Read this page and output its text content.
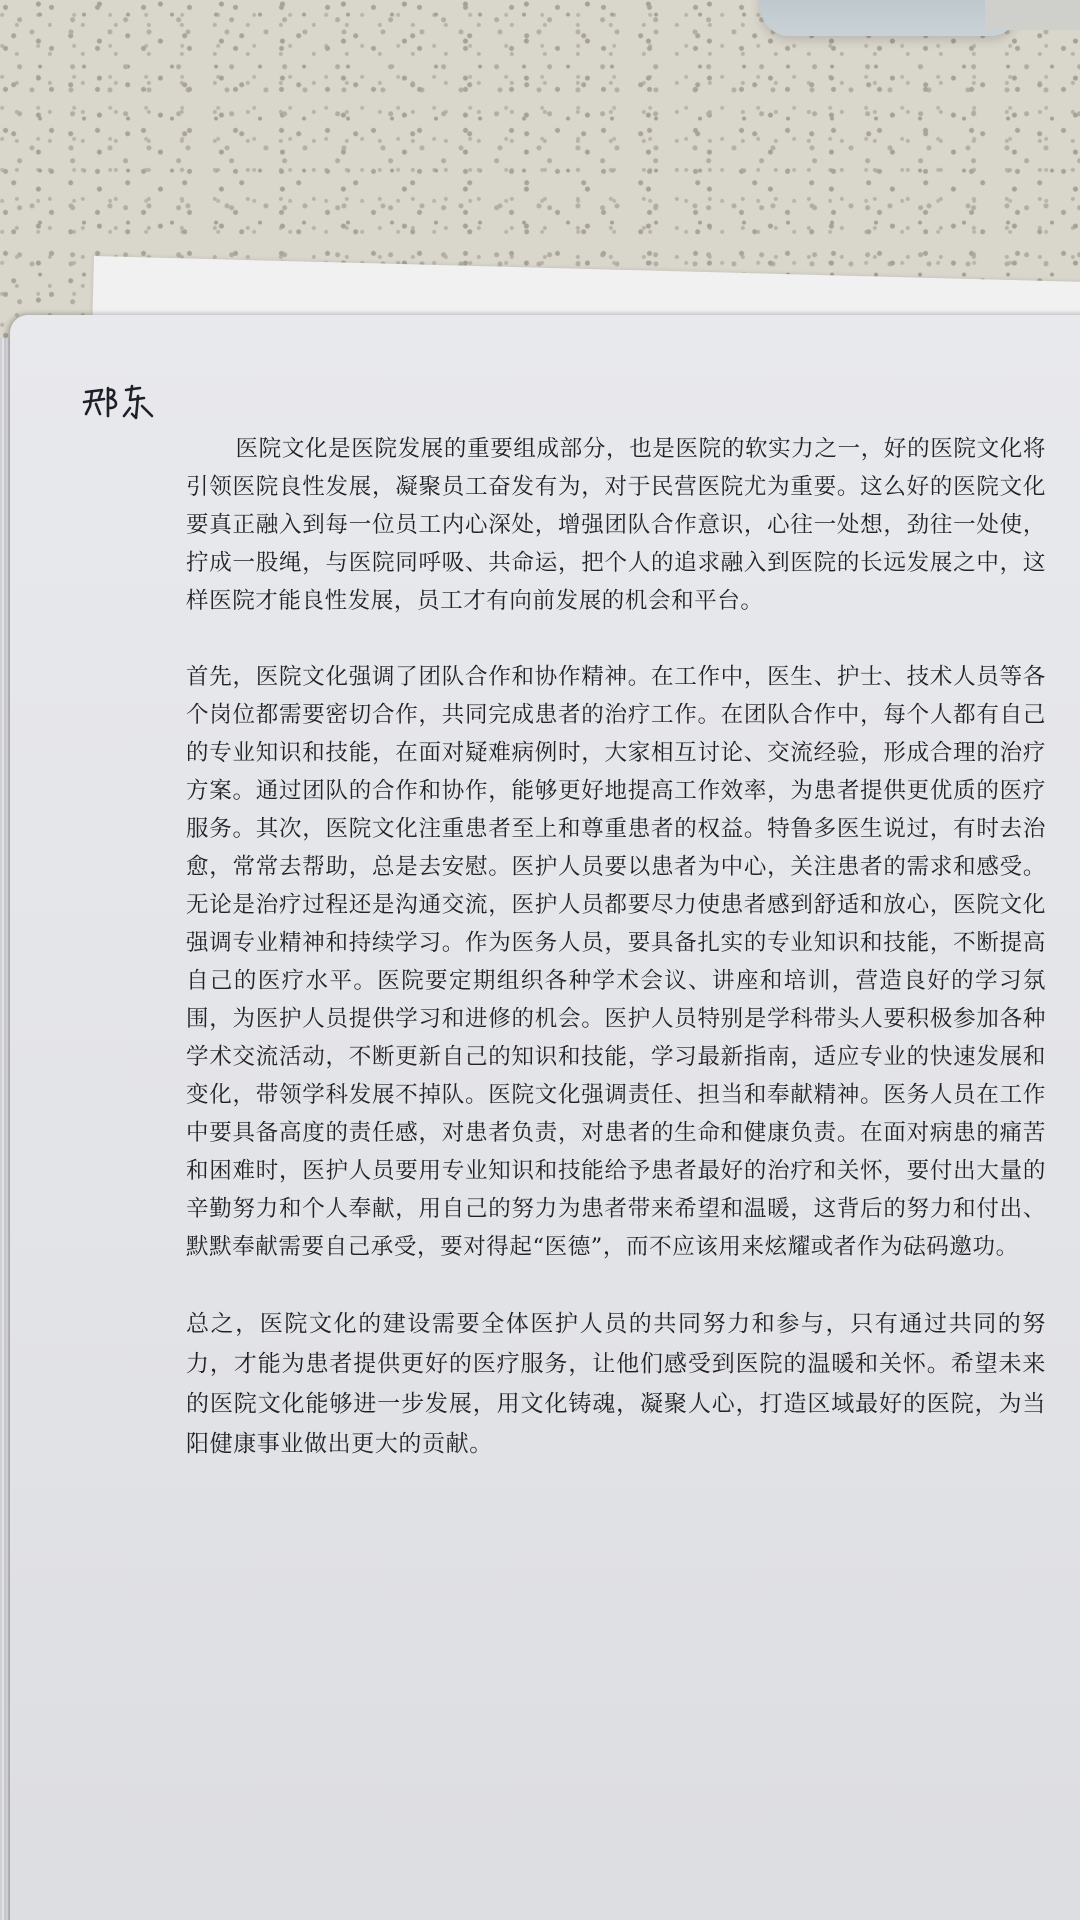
医院文化是医院发展的重要组成部分，也是医院的软实力之一，好的医院文化将引领医院良性发展，凝聚员工奋发有为，对于民营医院尤为重要。这么好的医院文化要真正融入到每一位员工内心深处，增强团队合作意识，心往一处想，劲往一处使，拧成一股绳，与医院同呼吸、共命运，把个人的追求融入到医院的长远发展之中，这样医院才能良性发展，员工才有向前发展的机会和平台。

首先，医院文化强调了团队合作和协作精神。在工作中，医生、护士、技术人员等各个岗位都需要密切合作，共同完成患者的治疗工作。在团队合作中，每个人都有自己的专业知识和技能，在面对疑难病例时，大家相互讨论、交流经验，形成合理的治疗方案。通过团队的合作和协作，能够更好地提高工作效率，为患者提供更优质的医疗服务。其次，医院文化注重患者至上和尊重患者的权益。特鲁多医生说过，有时去治愈，常常去帮助，总是去安慰。医护人员要以患者为中心，关注患者的需求和感受。无论是治疗过程还是沟通交流，医护人员都要尽力使患者感到舒适和放心，医院文化强调专业精神和持续学习。作为医务人员，要具备扎实的专业知识和技能，不断提高自己的医疗水平。医院要定期组织各种学术会议、讲座和培训，营造良好的学习氛围，为医护人员提供学习和进修的机会。医护人员特别是学科带头人要积极参加各种学术交流活动，不断更新自己的知识和技能，学习最新指南，适应专业的快速发展和变化，带领学科发展不掉队。医院文化强调责任、担当和奉献精神。医务人员在工作中要具备高度的责任感，对患者负责，对患者的生命和健康负责。在面对病患的痛苦和困难时，医护人员要用专业知识和技能给予患者最好的治疗和关怀，要付出大量的辛勤努力和个人奉献，用自己的努力为患者带来希望和温暖，这背后的努力和付出、默默奉献需要自己承受，要对得起“医德”，而不应该用来炫耀或者作为砝码邀功。

总之，医院文化的建设需要全体医护人员的共同努力和参与，只有通过共同的努力，才能为患者提供更好的医疗服务，让他们感受到医院的温暖和关怀。希望未来的医院文化能够进一步发展，用文化铸魂，凝聚人心，打造区域最好的医院，为当阳健康事业做出更大的贡献。
